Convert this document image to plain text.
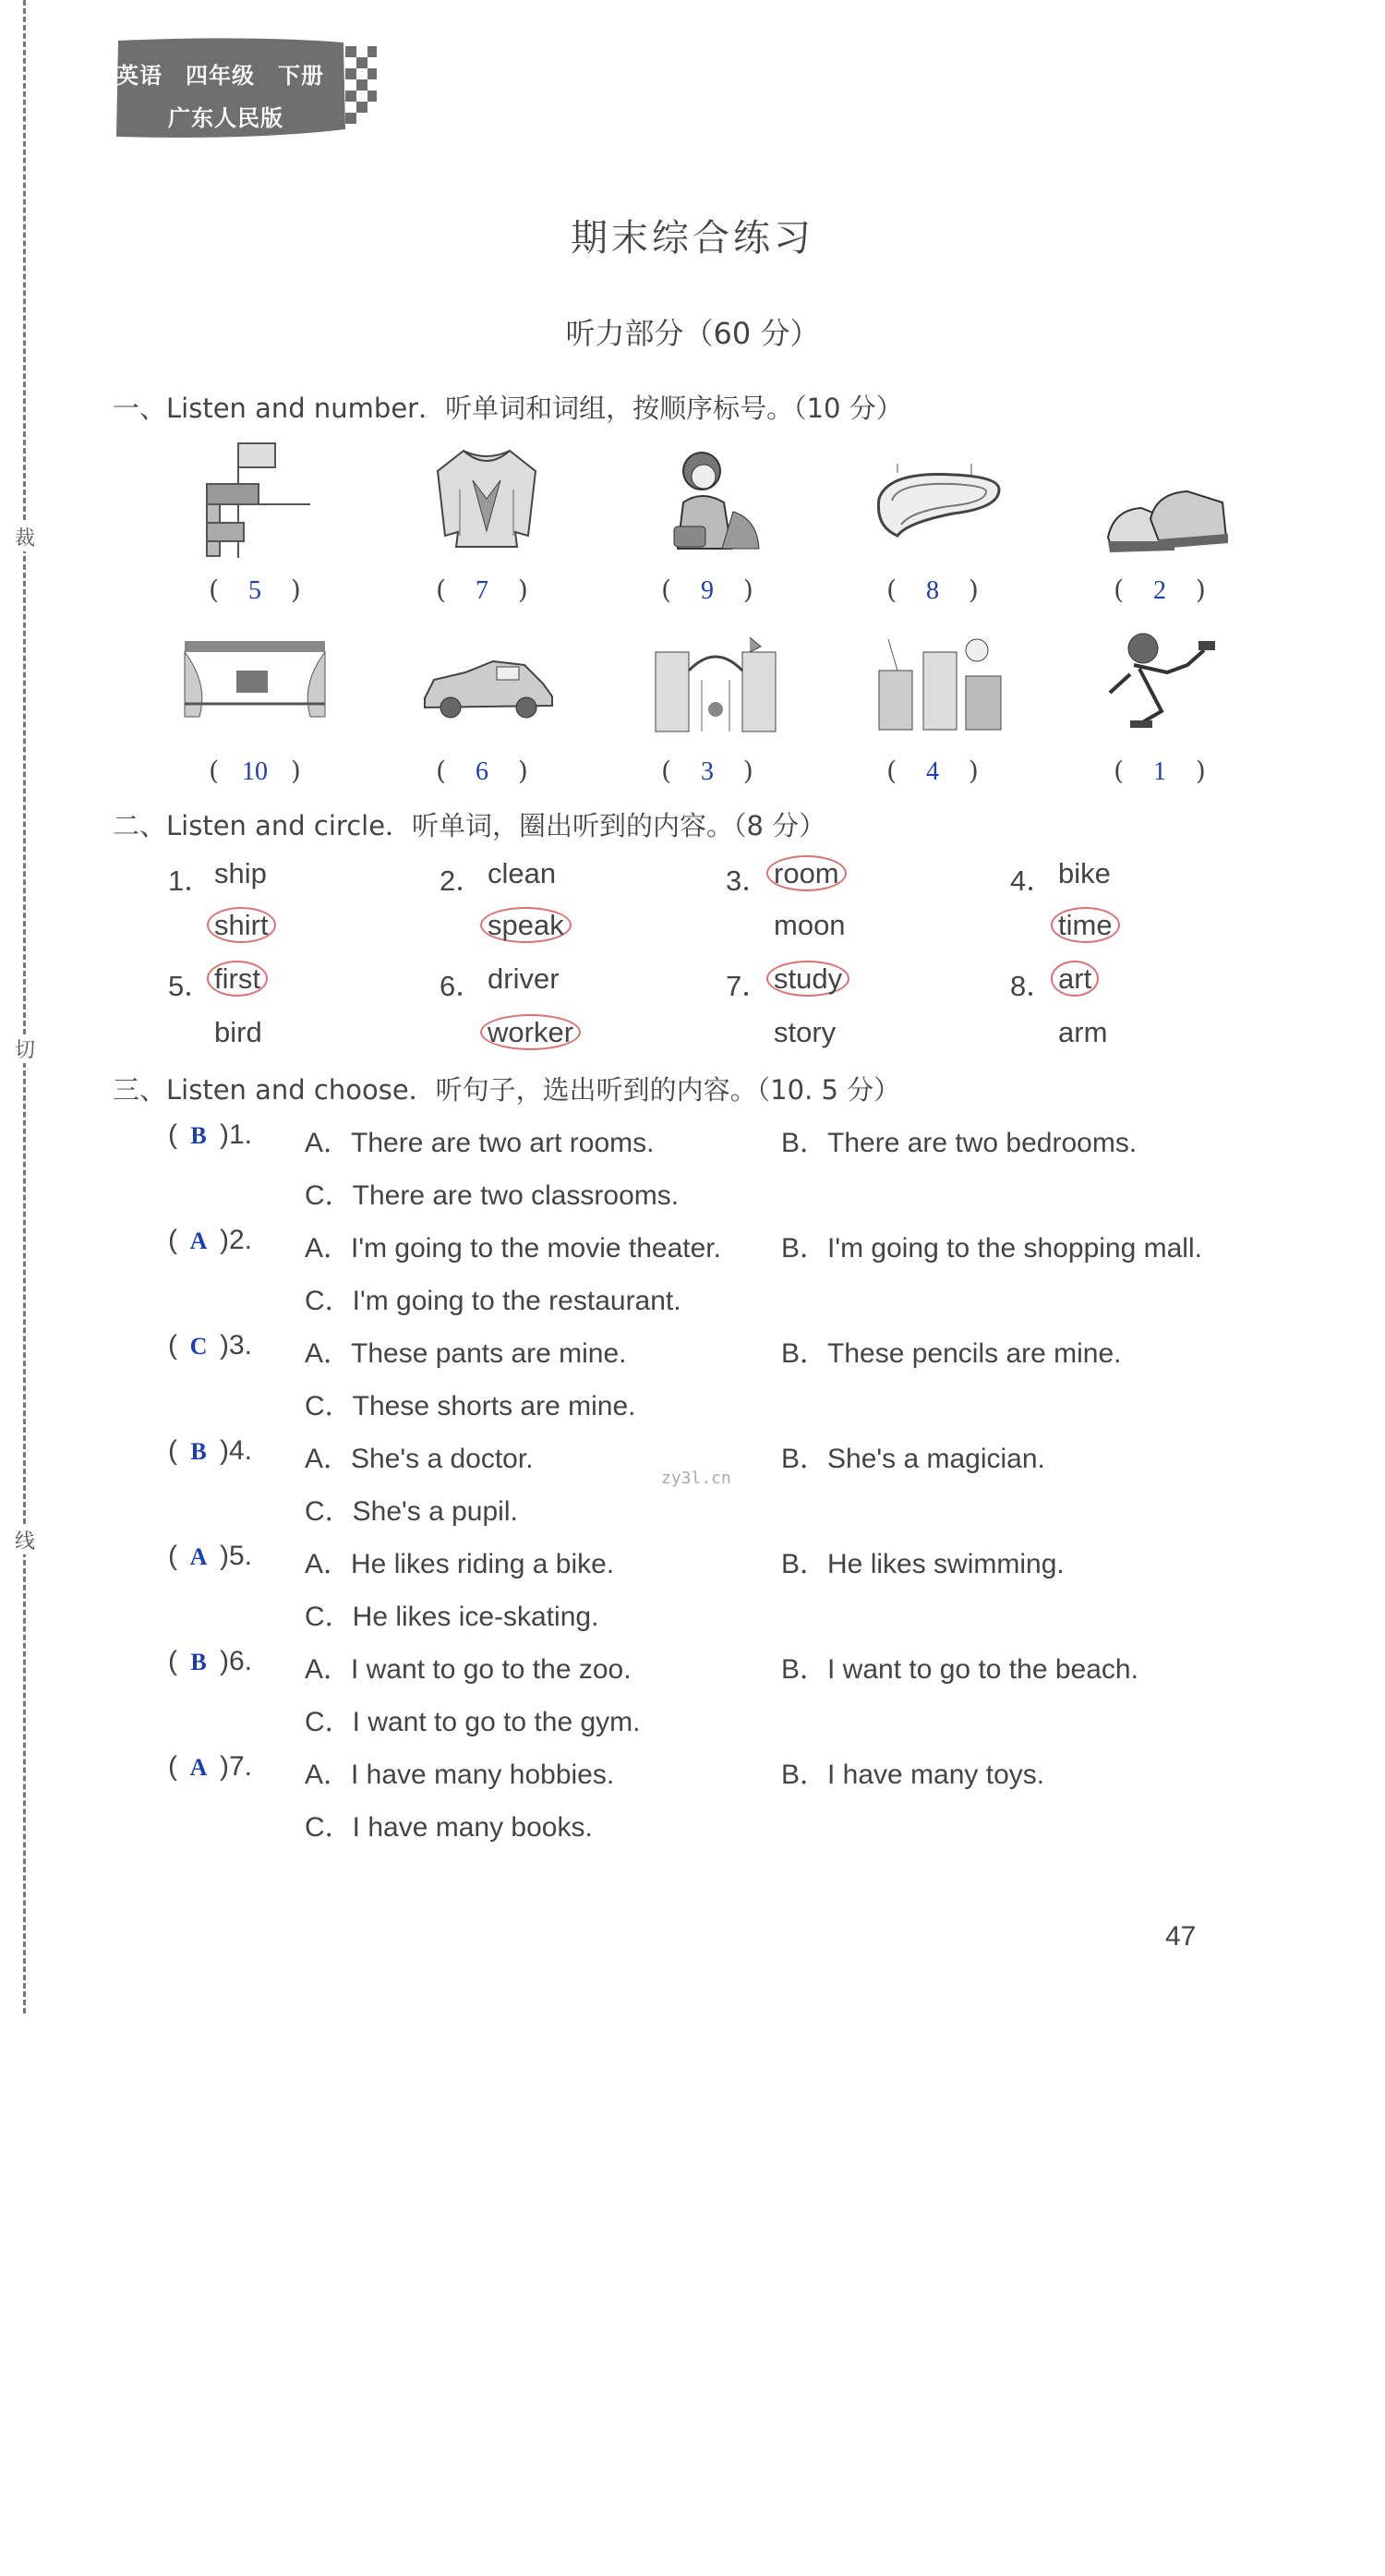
裁
切
线
英语　四年级　下册
广东人民版
期末综合练习
听力部分（60 分）
一、Listen and number．听单词和词组，按顺序标号。（10 分）
( 5 )	( 7 )	( 9 )	( 8 )	( 2 )
( 10 )	( 6 )	( 3 )	( 4 )	( 1 )
二、Listen and circle．听单词，圈出听到的内容。（8 分）
1． ship
shirt
2． clean
speak
3． room
moon
4． bike
time
5． first
bird
6． driver
worker
7． study
story
8． art
arm
三、Listen and choose．听句子，选出听到的内容。（10. 5 分）
( B )1. A．There are two art rooms.	B．There are two bedrooms.
C．There are two classrooms.
( A )2. A．I'm going to the movie theater. B．I'm going to the shopping mall.
C．I'm going to the restaurant.
( C )3. A．These pants are mine.	B．These pencils are mine.
C．These shorts are mine.
( B )4. A．She's a doctor.	B．She's a magician.
C．She's a pupil.
( A )5. A．He likes riding a bike.	B．He likes swimming.
C．He likes ice-skating.
( B )6. A．I want to go to the zoo.	B．I want to go to the beach.
C．I want to go to the gym.
( A )7. A．I have many hobbies.	B．I have many toys.
C．I have many books.
zy3l.cn
47
